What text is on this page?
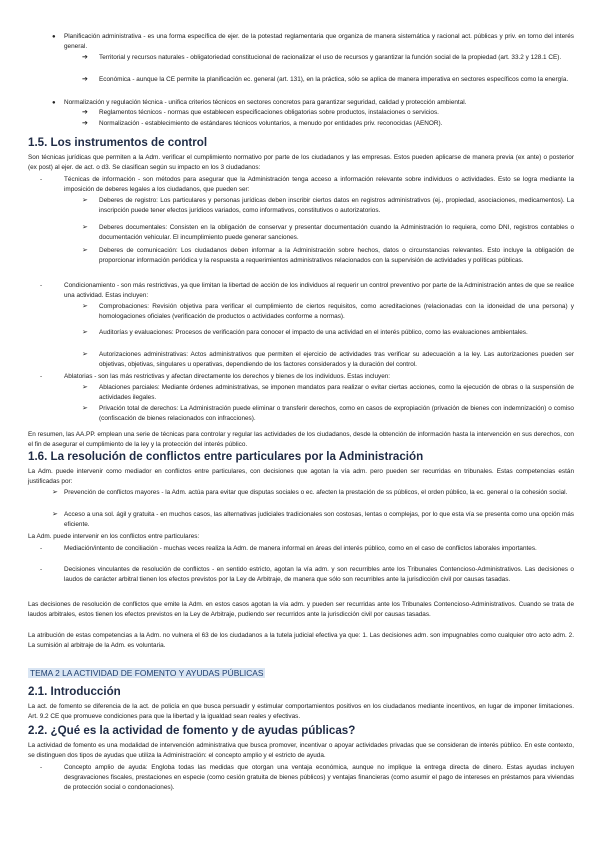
● Planificación administrativa - es una forma específica de ejer. de la potestad reglamentaria que organiza de manera sistemática y racional act. públicas y priv. en torno del interés general.

➔ Territorial y recursos naturales - obligatoriedad constitucional de racionalizar el uso de recursos y garantizar la función social de la propiedad (art. 33.2 y 128.1 CE).

➔ Económica - aunque la CE permite la planificación ec. general (art. 131), en la práctica, sólo se aplica de manera imperativa en sectores específicos como la energía.

● Normalización y regulación técnica - unifica criterios técnicos en sectores concretos para garantizar seguridad, calidad y protección ambiental.

➔ Reglamentos técnicos - normas que establecen especificaciones obligatorias sobre productos, instalaciones o servicios.

➔ Normalización - establecimiento de estándares técnicos voluntarios, a menudo por entidades priv. reconocidas (AENOR).

1.5. Los instrumentos de control

Son técnicas jurídicas que permiten a la Adm. verificar el cumplimiento normativo por parte de los ciudadanos y las empresas. Estos pueden aplicarse de manera previa (ex ante) o posterior (ex post) al ejer. de act. o d3. Se clasifican según su impacto en los 3 ciudadanos:

-	Técnicas de información - son métodos para asegurar que la Administración tenga acceso a información relevante sobre individuos o actividades. Esto se logra mediante la imposición de deberes legales a los ciudadanos, que pueden ser:

➢ Deberes de registro: Los particulares y personas jurídicas deben inscribir ciertos datos en registros administrativos (ej., propiedad, asociaciones, medicamentos). La inscripción puede tener efectos jurídicos variados, como informativos, constitutivos o autorizatorios.

➢ Deberes documentales: Consisten en la obligación de conservar y presentar documentación cuando la Administración lo requiera, como DNI, registros contables o documentación vehicular. El incumplimiento puede generar sanciones.

➢ Deberes de comunicación: Los ciudadanos deben informar a la Administración sobre hechos, datos o circunstancias relevantes. Esto incluye la obligación de proporcionar información periódica y la respuesta a requerimientos administrativos relacionados con la supervisión de actividades y políticas públicas.

-	Condicionamiento - son más restrictivas, ya que limitan la libertad de acción de los individuos al requerir un control preventivo por parte de la Administración antes de que se realice una actividad. Estas incluyen:

➢ Comprobaciones: Revisión objetiva para verificar el cumplimiento de ciertos requisitos, como acreditaciones (relacionadas con la idoneidad de una persona) y homologaciones oficiales (verificación de productos o actividades conforme a normas).

➢ Auditorías y evaluaciones: Procesos de verificación para conocer el impacto de una actividad en el interés público, como las evaluaciones ambientales.

➢ Autorizaciones administrativas: Actos administrativos que permiten el ejercicio de actividades tras verificar su adecuación a la ley. Las autorizaciones pueden ser objetivas, objetivas, singulares u operativas, dependiendo de los factores considerados y la duración del control.

-	Ablatorias - son las más restrictivas y afectan directamente los derechos y bienes de los individuos. Estas incluyen:

➢ Ablaciones parciales: Mediante órdenes administrativas, se imponen mandatos para realizar o evitar ciertas acciones, como la ejecución de obras o la suspensión de actividades ilegales.

➢ Privación total de derechos: La Administración puede eliminar o transferir derechos, como en casos de expropiación (privación de bienes con indemnización) o comiso (confiscación de bienes relacionados con infracciones).

En resumen, las AA.PP. emplean una serie de técnicas para controlar y regular las actividades de los ciudadanos, desde la obtención de información hasta la intervención en sus derechos, con el fin de asegurar el cumplimiento de la ley y la protección del interés público.

1.6. La resolución de conflictos entre particulares por la Administración

La Adm. puede intervenir como mediador en conflictos entre particulares, con decisiones que agotan la vía adm. pero pueden ser recurridas en tribunales. Estas competencias están justificadas por:

➢ Prevención de conflictos mayores - la Adm. actúa para evitar que disputas sociales o ec. afecten la prestación de ss públicos, el orden público, la ec. general o la cohesión social.

➢ Acceso a una sol. ágil y gratuita - en muchos casos, las alternativas judiciales tradicionales son costosas, lentas o complejas, por lo que esta vía se presenta como una opción más eficiente.

La Adm. puede intervenir en los conflictos entre particulares:

-	Mediación/intento de conciliación - muchas veces realiza la Adm. de manera informal en áreas del interés público, como en el caso de conflictos laborales importantes.

-	Decisiones vinculantes de resolución de conflictos - en sentido estricto, agotan la vía adm. y son recurribles ante los Tribunales Contencioso-Administrativos. Las decisiones o laudos de carácter arbitral tienen los efectos previstos por la Ley de Arbitraje, de manera que sólo son recurribles ante la jurisdicción civil por causas tasadas.

Las decisiones de resolución de conflictos que emite la Adm. en estos casos agotan la vía adm. y pueden ser recurridas ante los Tribunales Contencioso-Administrativos. Cuando se trata de laudos arbitrales, estos tienen los efectos previstos en la Ley de Arbitraje, pudiendo ser recurridos ante la jurisdicción civil por causas tasadas.

La atribución de estas competencias a la Adm. no vulnera el 63 de los ciudadanos a la tutela judicial efectiva ya que: 1. Las decisiones adm. son impugnables como cualquier otro acto adm. 2. La sumisión al arbitraje de la Adm. es voluntaria.

TEMA 2 LA ACTIVIDAD DE FOMENTO Y AYUDAS PÚBLICAS
2.1. Introducción

La act. de fomento se diferencia de la act. de policía en que busca persuadir y estimular comportamientos positivos en los ciudadanos mediante incentivos, en lugar de imponer limitaciones. Art. 9.2 CE que promueve condiciones para que la libertad y la igualdad sean reales y efectivas.

2.2. ¿Qué es la actividad de fomento y de ayudas públicas?

La actividad de fomento es una modalidad de intervención administrativa que busca promover, incentivar o apoyar actividades privadas que se consideran de interés público. En este contexto, se distinguen dos tipos de ayudas que utiliza la Administración: el concepto amplio y el estricto de ayuda.

-	Concepto amplio de ayuda: Engloba todas las medidas que otorgan una ventaja económica, aunque no implique la entrega directa de dinero. Estas ayudas incluyen desgravaciones fiscales, prestaciones en especie (como cesión gratuita de bienes públicos) y ventajas financieras (como asumir el pago de intereses en préstamos para viviendas de protección social o condonaciones).
